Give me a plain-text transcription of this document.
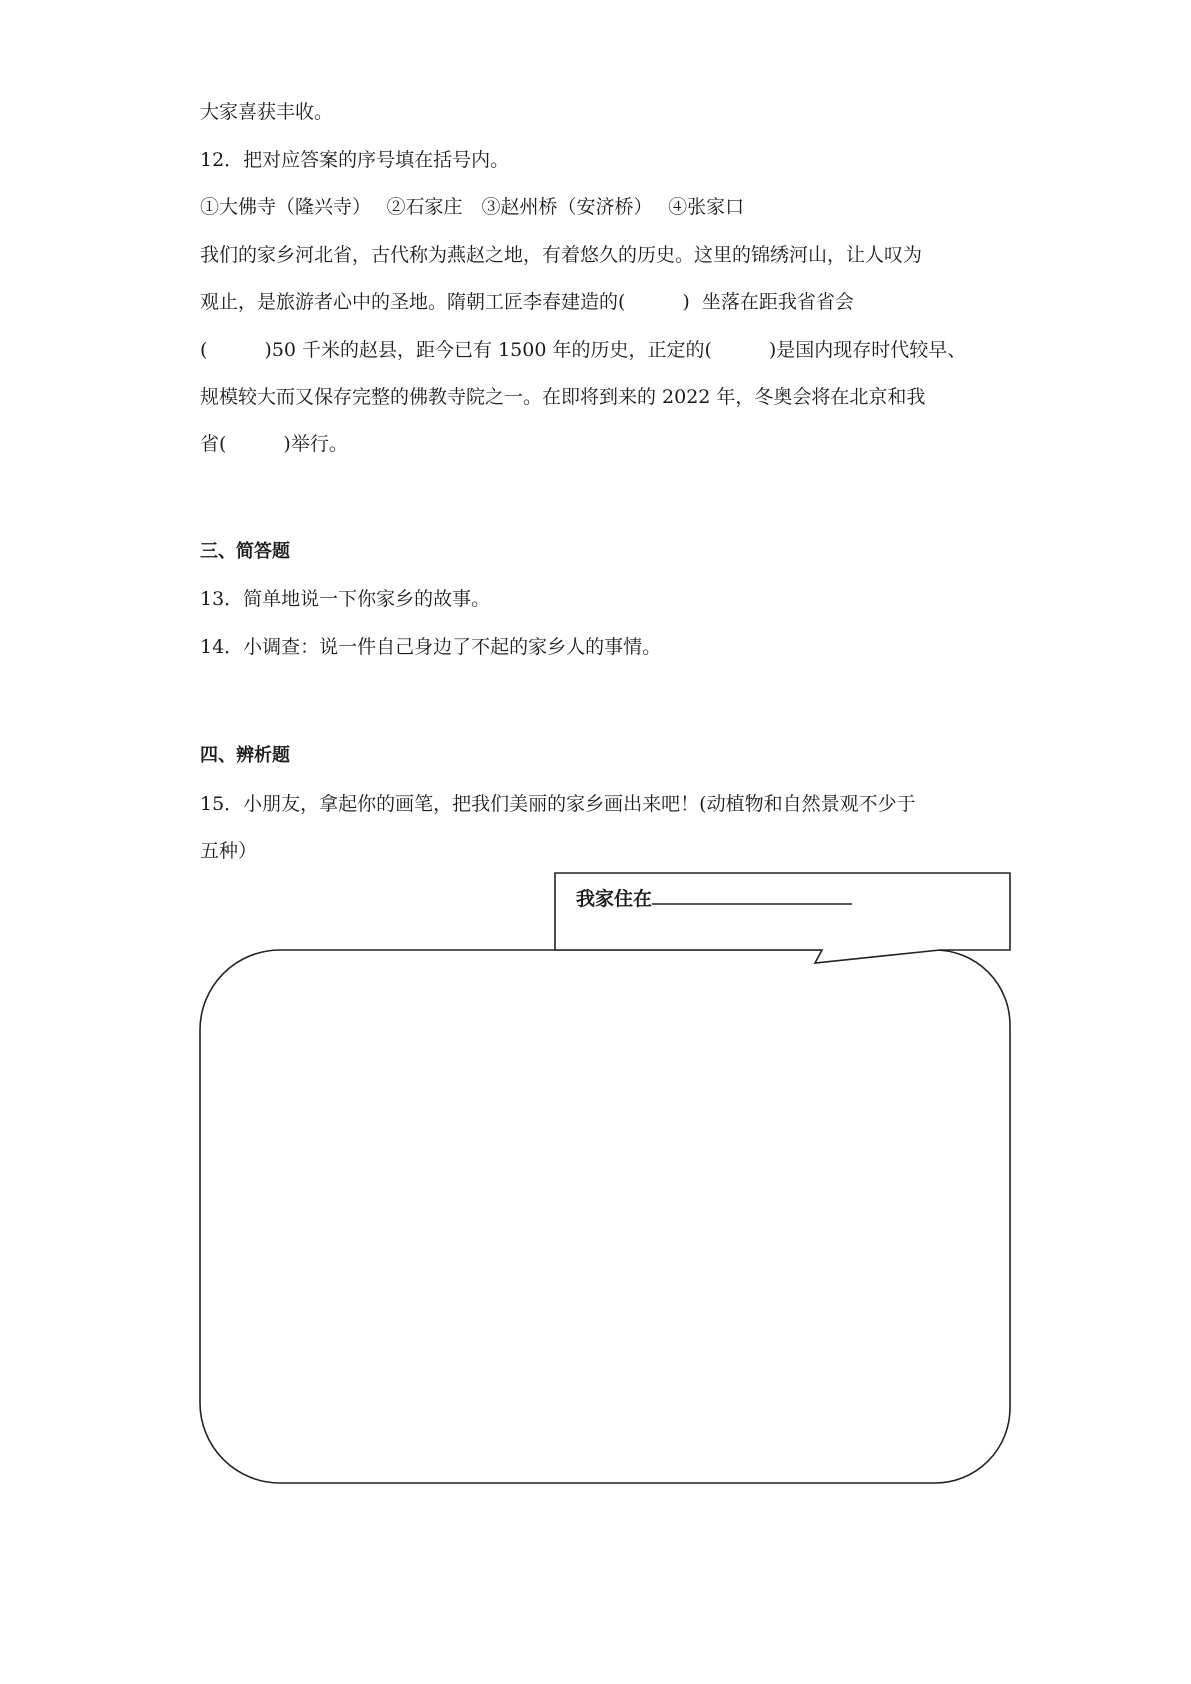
大家喜获丰收。
12．把对应答案的序号填在括号内。
①大佛寺（隆兴寺）　 ②石家庄　③赵州桥（安济桥）　 ④张家口
我们的家乡河北省，古代称为燕赵之地，有着悠久的历史。这里的锦绣河山，让人叹为
观止，是旅游者心中的圣地。隋朝工匠李春建造的(　　　)  坐落在距我省省会
(　　　)50 千米的赵县，距今已有 1500 年的历史，正定的(　　　)是国内现存时代较早、
规模较大而又保存完整的佛教寺院之一。在即将到来的 2022 年，冬奥会将在北京和我
省(　　　)举行。
三、简答题
13．简单地说一下你家乡的故事。
14．小调查：说一件自己身边了不起的家乡人的事情。
四、辨析题
15．小朋友，拿起你的画笔，把我们美丽的家乡画出来吧！(动植物和自然景观不少于
五种）
我家住在
